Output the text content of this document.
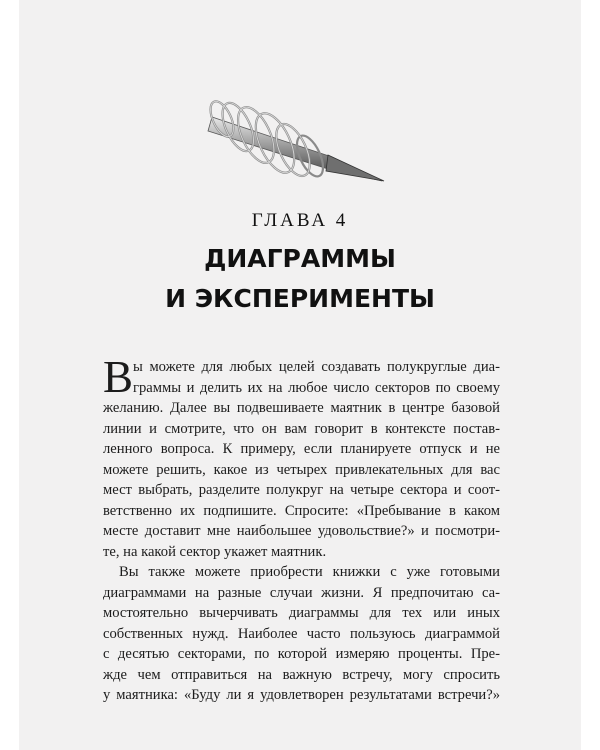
ГЛАВА 4
ДИАГРАММЫ
И ЭКСПЕРИМЕНТЫ
В ы можете для любых целей создавать полукруглые диа-
граммы и делить их на любое число секторов по своему
желанию. Далее вы подвешиваете маятник в центре базовой
линии и смотрите, что он вам говорит в контексте постав-
ленного вопроса. К примеру, если планируете отпуск и не
можете решить, какое из четырех привлекательных для вас
мест выбрать, разделите полукруг на четыре сектора и соот-
ветственно их подпишите. Спросите: «Пребывание в каком
месте доставит мне наибольшее удовольствие?» и посмотри-
те, на какой сектор укажет маятник.
Вы также можете приобрести книжки с уже готовыми
диаграммами на разные случаи жизни. Я предпочитаю са-
мостоятельно вычерчивать диаграммы для тех или иных
собственных нужд. Наиболее часто пользуюсь диаграммой
с десятью секторами, по которой измеряю проценты. Пре-
жде чем отправиться на важную встречу, могу спросить
у маятника: «Буду ли я удовлетворен результатами встречи?»
